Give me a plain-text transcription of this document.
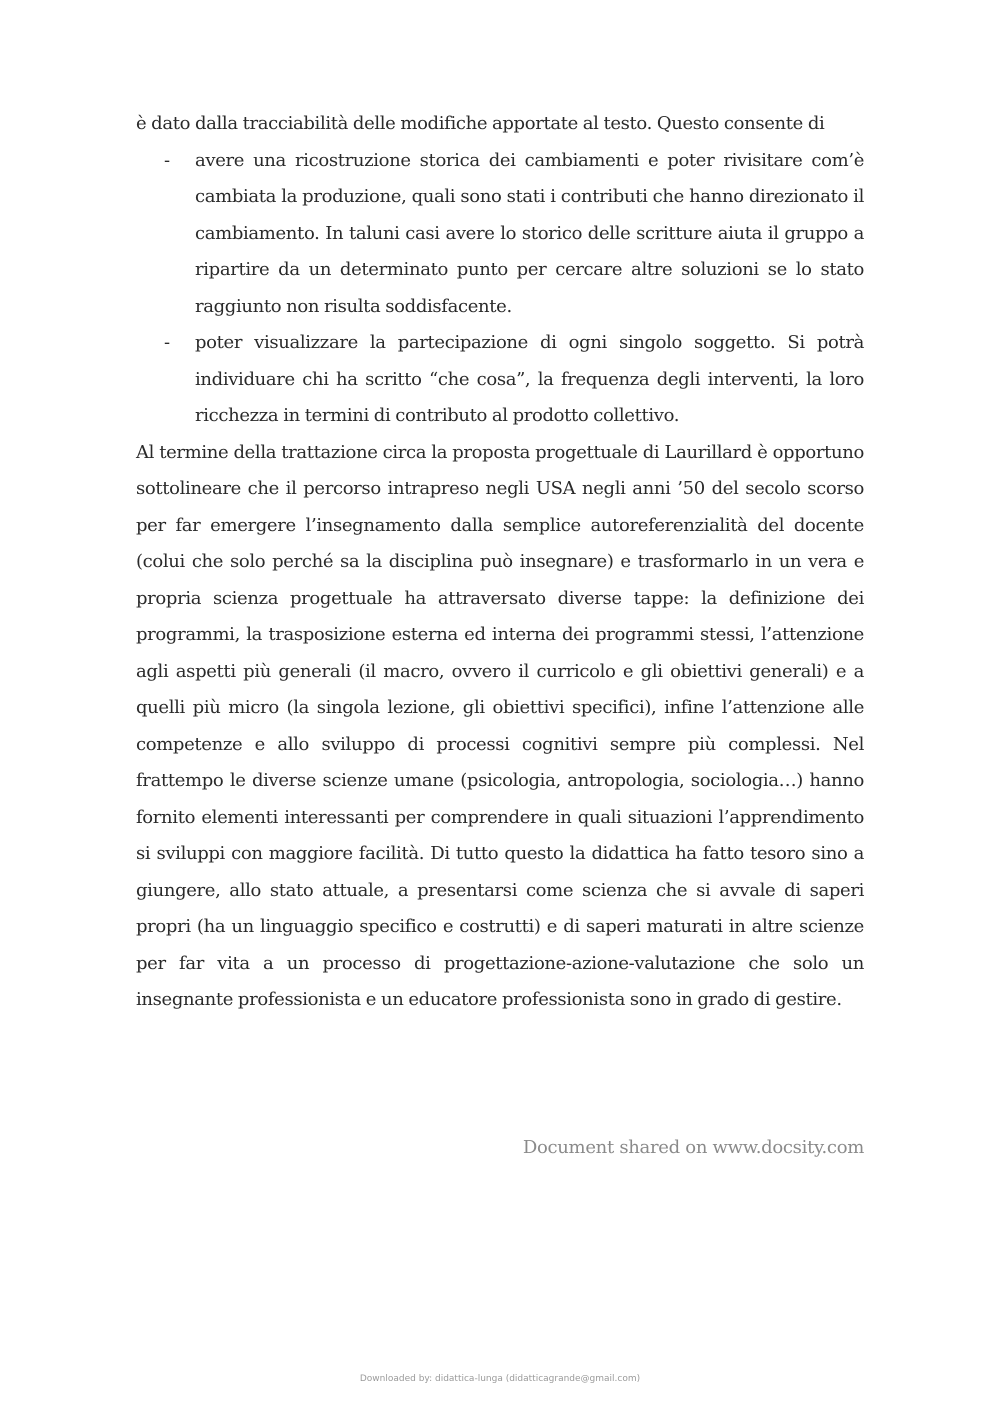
è dato dalla tracciabilità delle modifiche apportate al testo. Questo consente di

- avere una ricostruzione storica dei cambiamenti e poter rivisitare com’è cambiata la produzione, quali sono stati i contributi che hanno direzionato il cambiamento. In taluni casi avere lo storico delle scritture aiuta il gruppo a ripartire da un determinato punto per cercare altre soluzioni se lo stato raggiunto non risulta soddisfacente.
- poter visualizzare la partecipazione di ogni singolo soggetto. Si potrà individuare chi ha scritto “che cosa”, la frequenza degli interventi, la loro ricchezza in termini di contributo al prodotto collettivo.

Al termine della trattazione circa la proposta progettuale di Laurillard è opportuno sottolineare che il percorso intrapreso negli USA negli anni ’50 del secolo scorso per far emergere l’insegnamento dalla semplice autoreferenzialità del docente (colui che solo perché sa la disciplina può insegnare) e trasformarlo in un vera e propria scienza progettuale ha attraversato diverse tappe: la definizione dei programmi, la trasposizione esterna ed interna dei programmi stessi, l’attenzione agli aspetti più generali (il macro, ovvero il curricolo e gli obiettivi generali) e a quelli più micro (la singola lezione, gli obiettivi specifici), infine l’attenzione alle competenze e allo sviluppo di processi cognitivi sempre più complessi. Nel frattempo le diverse scienze umane (psicologia, antropologia, sociologia…) hanno fornito elementi interessanti per comprendere in quali situazioni l’apprendimento si sviluppi con maggiore facilità. Di tutto questo la didattica ha fatto tesoro sino a giungere, allo stato attuale, a presentarsi come scienza che si avvale di saperi propri (ha un linguaggio specifico e costrutti) e di saperi maturati in altre scienze per far vita a un processo di progettazione-azione-valutazione che solo un insegnante professionista e un educatore professionista sono in grado di gestire.

Document shared on www.docsity.com
Downloaded by: didattica-lunga (didatticagrande@gmail.com)
